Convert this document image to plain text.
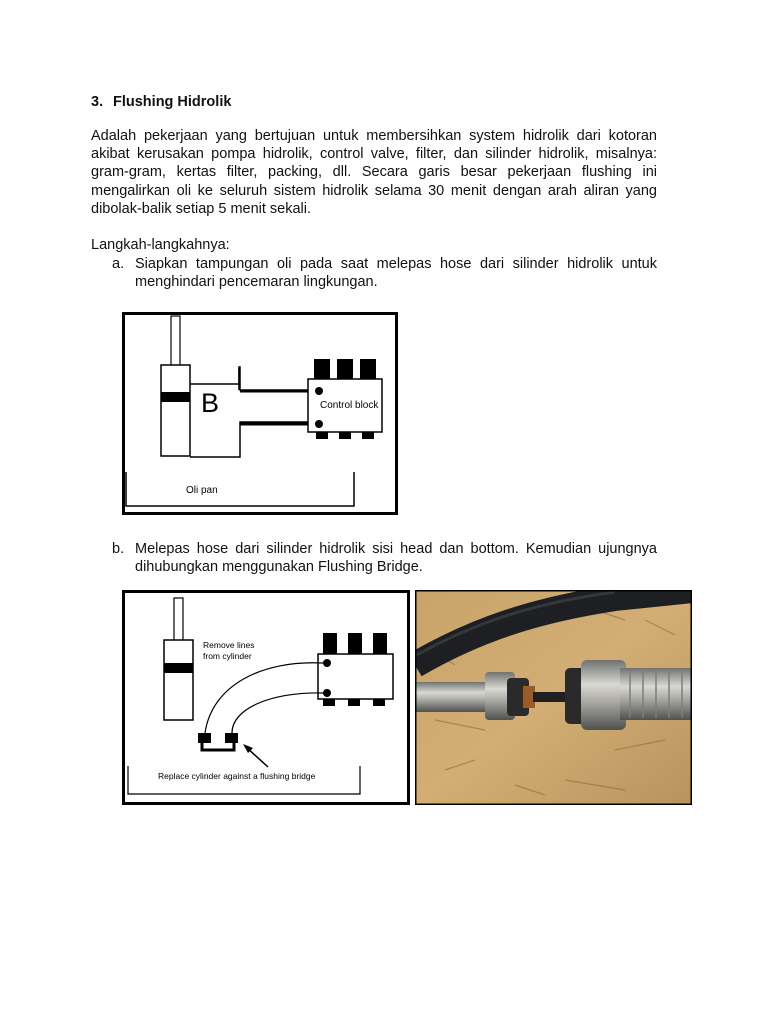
3. Flushing Hidrolik
Adalah pekerjaan yang bertujuan untuk membersihkan system hidrolik dari kotoran
akibat kerusakan pompa hidrolik, control valve, filter, dan silinder hidrolik, misalnya:
gram-gram, kertas filter, packing, dll. Secara garis besar pekerjaan flushing ini
mengalirkan oli ke seluruh sistem hidrolik selama 30 menit dengan arah aliran yang
dibolak-balik setiap 5 menit sekali.
Langkah-langkahnya:
a. Siapkan tampungan oli pada saat melepas hose dari silinder hidrolik untuk
menghindari pencemaran lingkungan.
B	Control block
Oli pan
b. Melepas hose dari silinder hidrolik sisi head dan bottom. Kemudian ujungnya
dihubungkan menggunakan Flushing Bridge.
Remove lines
from cylinder
Replace cylinder against a flushing bridge
